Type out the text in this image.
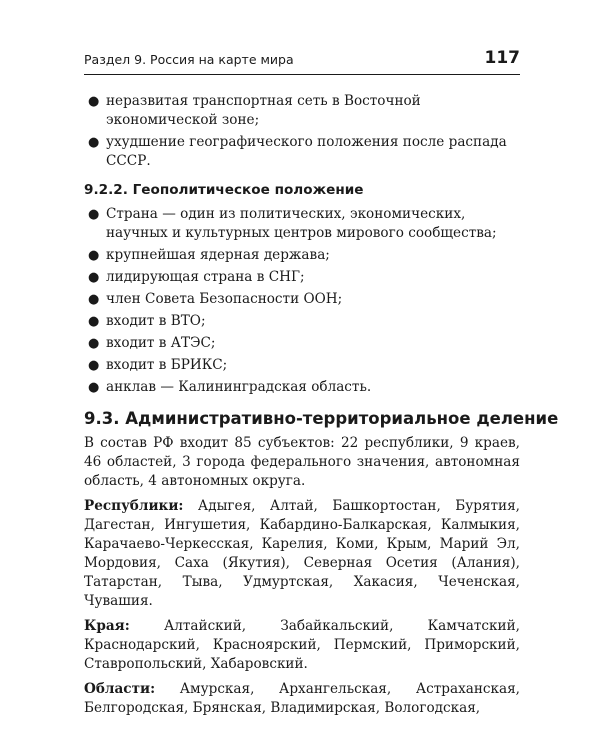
Раздел 9. Россия на карте мира	117
● неразвитая транспортная сеть в Восточной экономической зоне;
● ухудшение географического положения после распада СССР.
9.2.2. Геополитическое положение
● Страна — один из политических, экономических, научных и культурных центров мирового сообщества;
● крупнейшая ядерная держава;
● лидирующая страна в СНГ;
● член Совета Безопасности ООН;
● входит в ВТО;
● входит в АТЭС;
● входит в БРИКС;
● анклав — Калининградская область.
9.3. Административно-территориальное деление

В состав РФ входит 85 субъектов: 22 республики, 9 краев, 46 областей, 3 города федерального значения, автономная область, 4 автономных округа.

Республики: Адыгея, Алтай, Башкортостан, Бурятия, Дагестан, Ингушетия, Кабардино-Балкарская, Калмыкия, Карачаево-Черкесская, Карелия, Коми, Крым, Марий Эл, Мордовия, Саха (Якутия), Северная Осетия (Алания), Татарстан, Тыва, Удмуртская, Хакасия, Чеченская, Чувашия.

Края:	Алтайский, Забайкальский, Камчатский, Краснодарский, Красноярский, Пермский, Приморский, Ставропольский, Хабаровский.

Области: Амурская, Архангельская, Астраханская, Белгородская, Брянская, Владимирская, Вологодская,
